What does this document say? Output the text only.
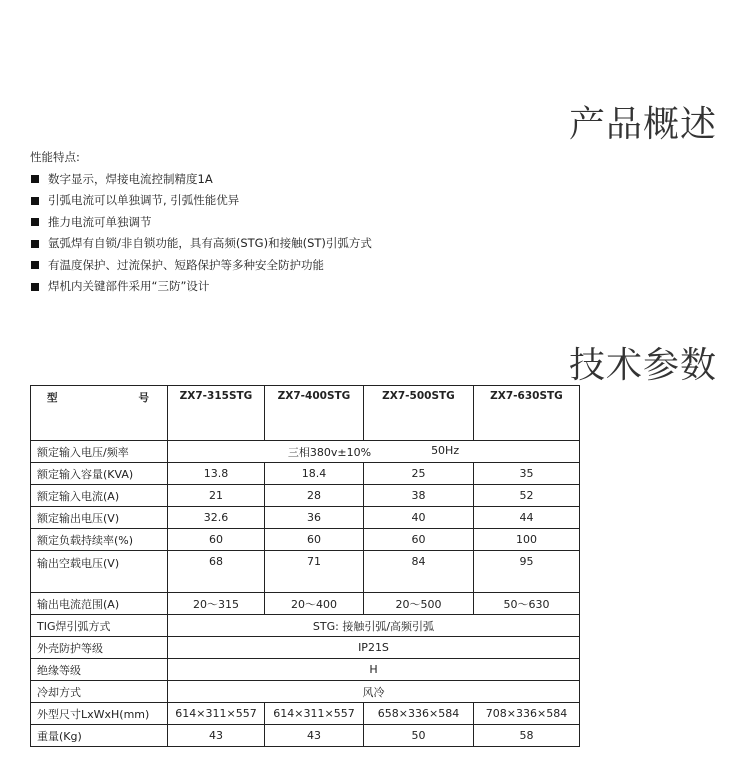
产品概述
性能特点:
数字显示，焊接电流控制精度1A
引弧电流可以单独调节, 引弧性能优异
推力电流可单独调节
氩弧焊有自锁/非自锁功能，具有高频(STG)和接触(ST)引弧方式
有温度保护、过流保护、短路保护等多种安全防护功能
焊机内关键部件采用“三防”设计
技术参数
型 号	ZX7-315STG	ZX7-400STG	ZX7-500STG	ZX7-630STG
额定输入电压/频率	三相380v±10% 50Hz			

额定输入容量(KVA)	13.8	18.4	25	35
额定输入电流(A)	21	28	38	52
额定输出电压(V)	32.6	36	40	44
额定负载持续率(%)	60	60	60	100
输出空载电压(V)	68	71	84	95
输出电流范围(A)	20～315	20～400	20～500	50～630
TIG焊引弧方式	STG: 接触引弧/高频引弧			
外壳防护等级	IP21S			
绝缘等级	H			
冷却方式	风冷			
外型尺寸LxWxH(mm)	614×311×557	614×311×557	658×336×584	708×336×584
重量(Kg)	43	43	50	58
